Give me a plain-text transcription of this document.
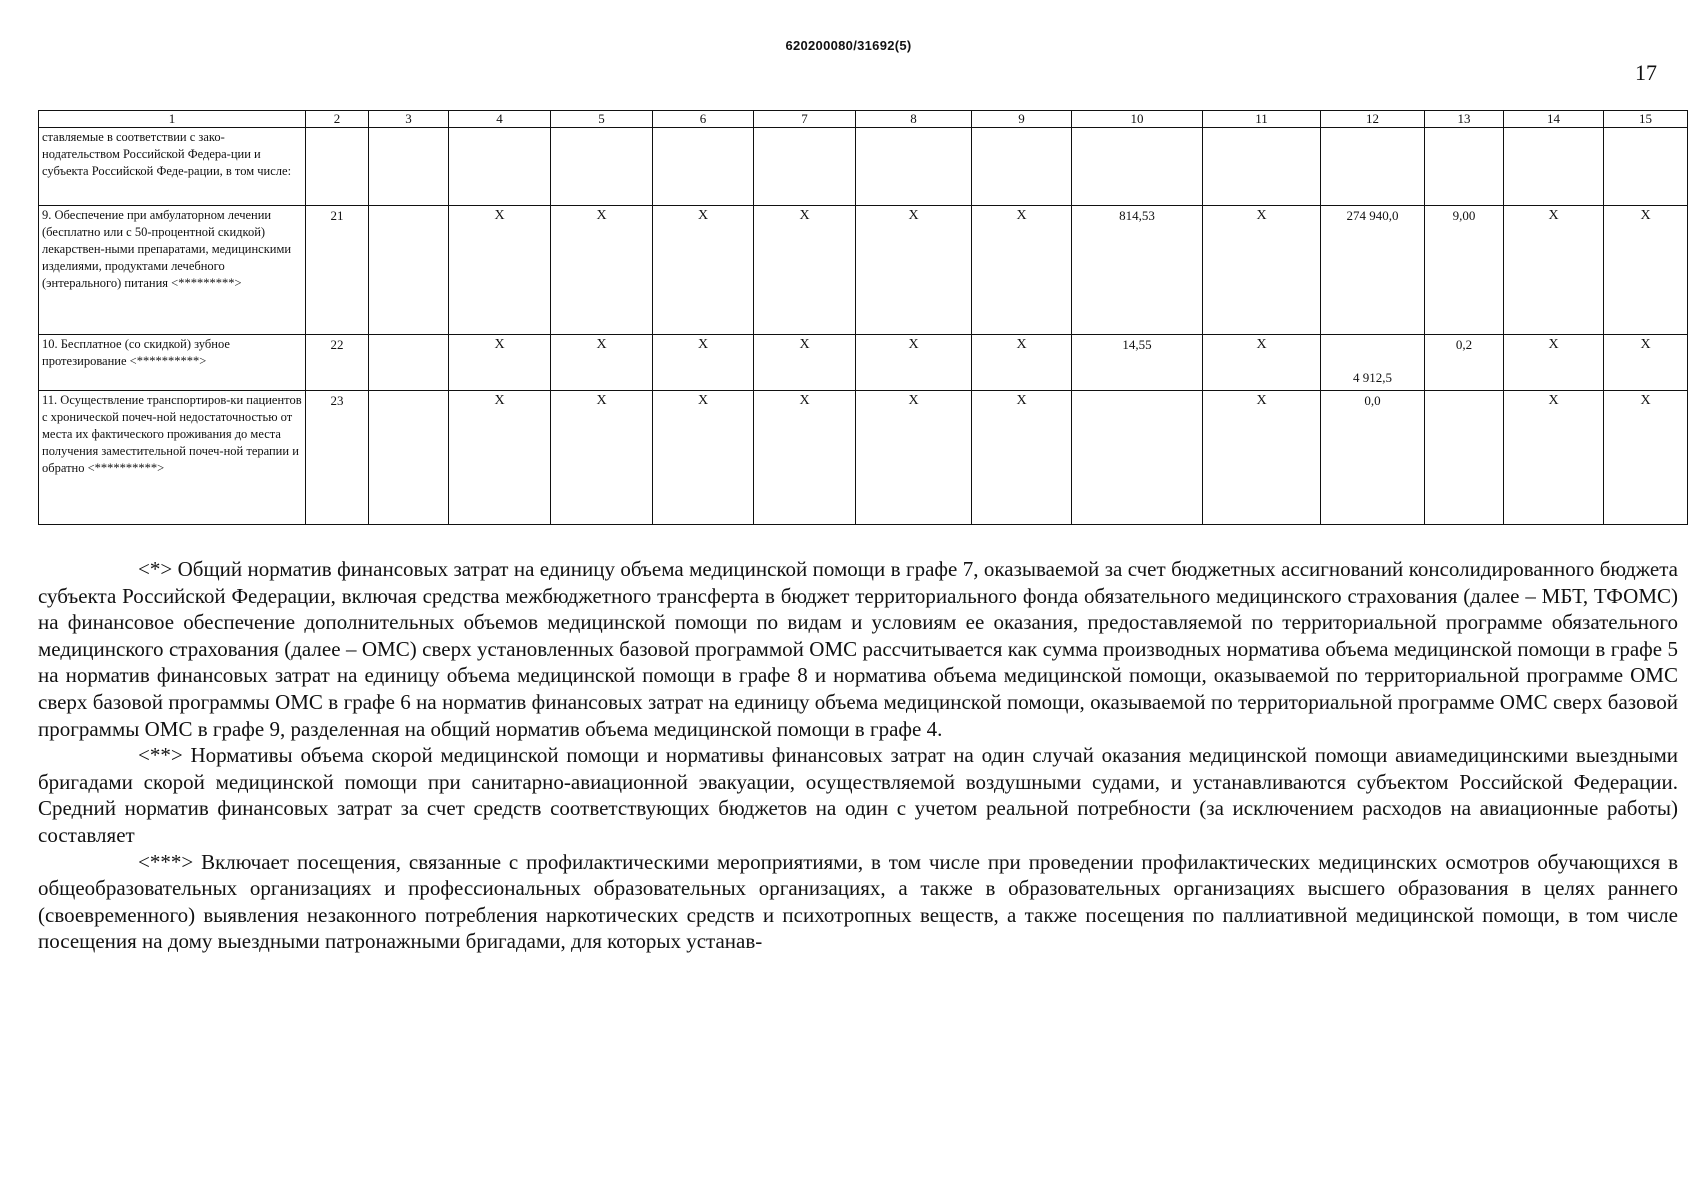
620200080/31692(5)
17
1	2	3	4	5	6	7	8	9	10	11	12	13	14	15
ставляемые в соответствии с зако-нодательством Российской Федера-ции и субъекта Российской Феде-рации, в том числе:														
9. Обеспечение при амбулаторном лечении (бесплатно или с 50-процентной скидкой) лекарствен-ными препаратами, медицинскими изделиями, продуктами лечебного (энтерального) питания <*********>	21		X	X	X	X	X	X	814,53	X	274 940,0	9,00	X	X
10. Бесплатное (со скидкой) зубное протезирование <**********>	22		X	X	X	X	X	X	14,55	X	4 912,5	0,2	X	X
11. Осуществление транспортиров-ки пациентов с хронической почеч-ной недостаточностью от места их фактического проживания до места получения заместительной почеч-ной терапии и обратно <**********>	23		X	X	X	X	X	X		X	0,0		X	X

<*> Общий норматив финансовых затрат на единицу объема медицинской помощи в графе 7, оказываемой за счет бюджетных ассигнований консолидированного бюджета субъекта Российской Федерации, включая средства межбюджетного трансферта в бюджет территориального фонда обязательного медицинского страхования (далее – МБТ, ТФОМС) на финансовое обеспечение дополнительных объемов медицинской помощи по видам и условиям ее оказания, предоставляемой по территориальной программе обязательного медицинского страхования (далее – ОМС) сверх установленных базовой программой ОМС рассчитывается как сумма производных норматива объема медицинской помощи в графе 5 на норматив финансовых затрат на единицу объема медицинской помощи в графе 8 и норматива объема медицинской помощи, оказываемой по территориальной программе ОМС сверх базовой программы ОМС в графе 6 на норматив финансовых затрат на единицу объема медицинской помощи, оказываемой по территориальной программе ОМС сверх базовой программы ОМС в графе 9, разделенная на общий норматив объема медицинской помощи в графе 4.

<**> Нормативы объема скорой медицинской помощи и нормативы финансовых затрат на один случай оказания медицинской помощи авиамедицинскими выездными бригадами скорой медицинской помощи при санитарно-авиационной эвакуации, осуществляемой воздушными судами, и устанавливаются субъектом Российской Федерации. Средний норматив финансовых затрат за счет средств соответствующих бюджетов на один с учетом реальной потребности (за исключением расходов на авиационные работы) составляет

<***> Включает посещения, связанные с профилактическими мероприятиями, в том числе при проведении профилактических медицинских осмотров обучающихся в общеобразовательных организациях и профессиональных образовательных организациях, а также в образовательных организациях высшего образования в целях раннего (своевременного) выявления незаконного потребления наркотических средств и психотропных веществ, а также посещения по паллиативной медицинской помощи, в том числе посещения на дому выездными патронажными бригадами, для которых устанав-
